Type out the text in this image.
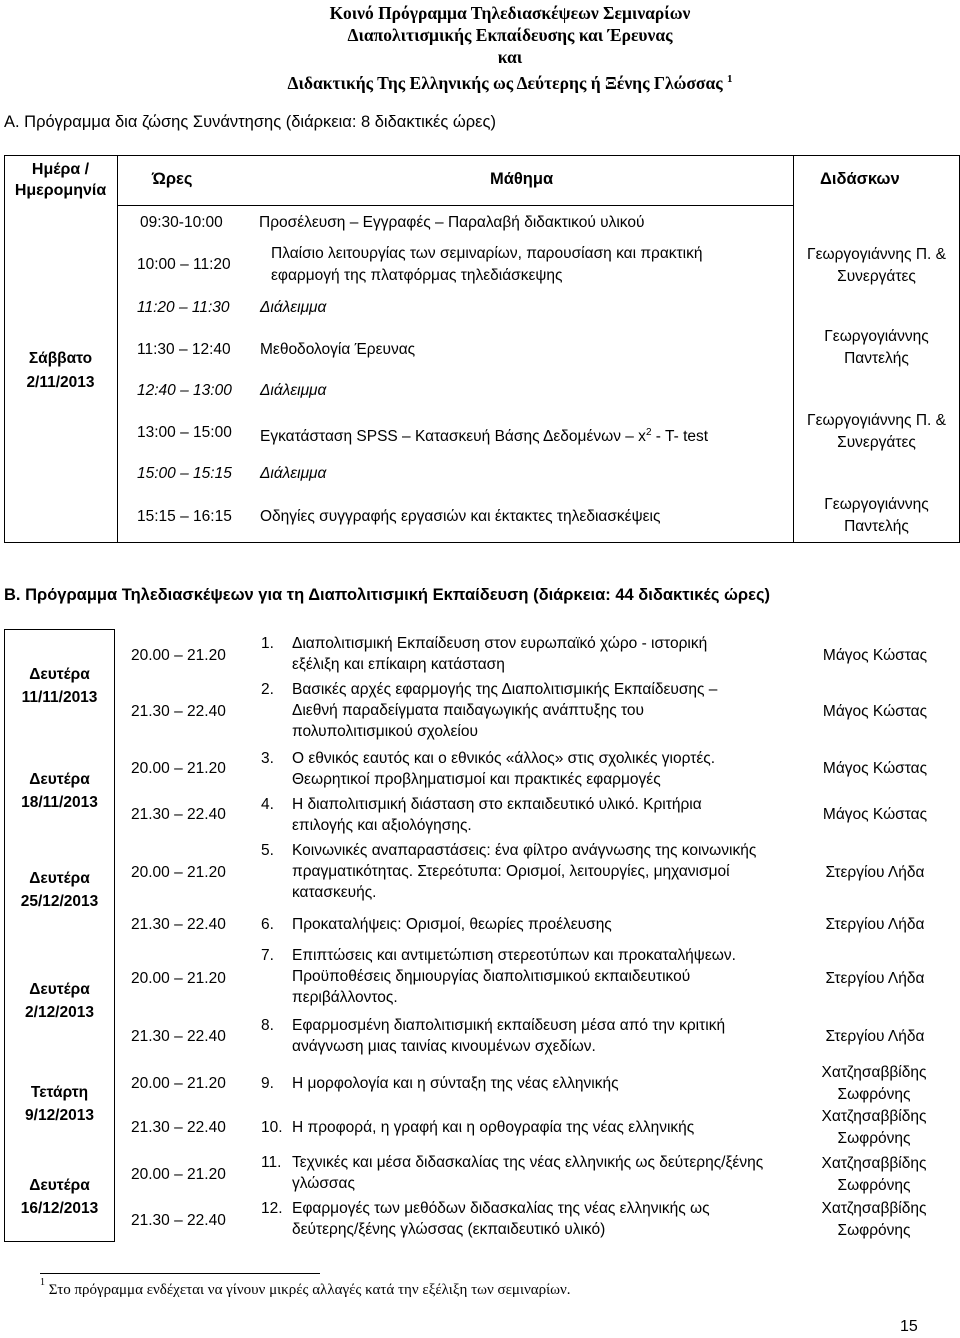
Κοινό Πρόγραμμα Τηλεδιασκέψεων Σεμιναρίων
Διαπολιτισμικής Εκπαίδευσης και Έρευνας
και
Διδακτικής Της Ελληνικής ως Δεύτερης ή Ξένης Γλώσσας $^1$
Α. Πρόγραμμα δια ζώσης Συνάντησης (διάρκεια: 8 διδακτικές ώρες)
Ημέρα / Ημερομηνία
Ώρες	Μάθημα	Διδάσκων
Σάββατο
2/11/2013
09:30-10:00 Προσέλευση – Εγγραφές – Παραλαβή διδακτικού υλικού
10:00 – 11:20
Πλαίσιο λειτουργίας των σεμιναρίων, παρουσίαση και πρακτική εφαρμογή της πλατφόρμας τηλεδιάσκεψης
Γεωργογιάννης Π. & Συνεργάτες
11:20 – 11:30 Διάλειμμα
11:30 – 12:40 Μεθοδολογία Έρευνας
Γεωργογιάννης Παντελής
12:40 – 13:00 Διάλειμμα
13:00 – 15:00 Εγκατάσταση SPSS – Κατασκευή Βάσης Δεδομένων – $x^2 - T-$ test
Γεωργογιάννης Π. & Συνεργάτες
15:00 – 15:15 Διάλειμμα
15:15 – 16:15 Οδηγίες συγγραφής εργασιών και έκτακτες τηλεδιασκέψεις
Γεωργογιάννης Παντελής
Β. Πρόγραμμα Τηλεδιασκέψεων για τη Διαπολιτισμική Εκπαίδευση (διάρκεια: 44 διδακτικές ώρες)
Δευτέρα
11/11/2013
Δευτέρα
18/11/2013
Δευτέρα
25/12/2013
Δευτέρα
2/12/2013
Τετάρτη
9/12/2013
Δευτέρα
16/12/2013
20.00 – 21.20
21.30 – 22.40
20.00 – 21.20
21.30 – 22.40
20.00 – 21.20
21.30 – 22.40
20.00 – 21.20
21.30 – 22.40
20.00 – 21.20
21.30 – 22.40
20.00 – 21.20
21.30 – 22.40
1. Διαπολιτισμική Εκπαίδευση στον ευρωπαϊκό χώρο - ιστορική εξέλιξη και επίκαιρη κατάσταση
2. Βασικές αρχές εφαρμογής της Διαπολιτισμικής Εκπαίδευσης – Διεθνή παραδείγματα παιδαγωγικής ανάπτυξης του πολυπολιτισμικού σχολείου
3. Ο εθνικός εαυτός και ο εθνικός «άλλος» στις σχολικές γιορτές. Θεωρητικοί προβληματισμοί και πρακτικές εφαρμογές
4. Η διαπολιτισμική διάσταση στο εκπαιδευτικό υλικό. Κριτήρια επιλογής και αξιολόγησης.
5. Κοινωνικές αναπαραστάσεις: ένα φίλτρο ανάγνωσης της κοινωνικής πραγματικότητας. Στερεότυπα: Ορισμοί, λειτουργίες, μηχανισμοί κατασκευής.
6. Προκαταλήψεις: Ορισμοί, θεωρίες προέλευσης
7. Επιπτώσεις και αντιμετώπιση στερεοτύπων και προκαταλήψεων. Προϋποθέσεις δημιουργίας διαπολιτισμικού εκπαιδευτικού περιβάλλοντος.
8. Εφαρμοσμένη διαπολιτισμική εκπαίδευση μέσα από την κριτική ανάγνωση μιας ταινίας κινουμένων σχεδίων.
9. Η μορφολογία και η σύνταξη της νέας ελληνικής
10. Η προφορά, η γραφή και η ορθογραφία της νέας ελληνικής
11. Τεχνικές και μέσα διδασκαλίας της νέας ελληνικής ως δεύτερης/ξένης γλώσσας
12. Εφαρμογές των μεθόδων διδασκαλίας της νέας ελληνικής ως δεύτερης/ξένης γλώσσας (εκπαιδευτικό υλικό)
Μάγος Κώστας
Μάγος Κώστας
Μάγος Κώστας
Μάγος Κώστας
Στεργίου Λήδα
Στεργίου Λήδα
Στεργίου Λήδα
Στεργίου Λήδα
Χατζησαββίδης Σωφρόνης
Χατζησαββίδης Σωφρόνης
Χατζησαββίδης Σωφρόνης
Χατζησαββίδης Σωφρόνης
$^1$ Στο πρόγραμμα ενδέχεται να γίνουν μικρές αλλαγές κατά την εξέλιξη των σεμιναρίων.
15
